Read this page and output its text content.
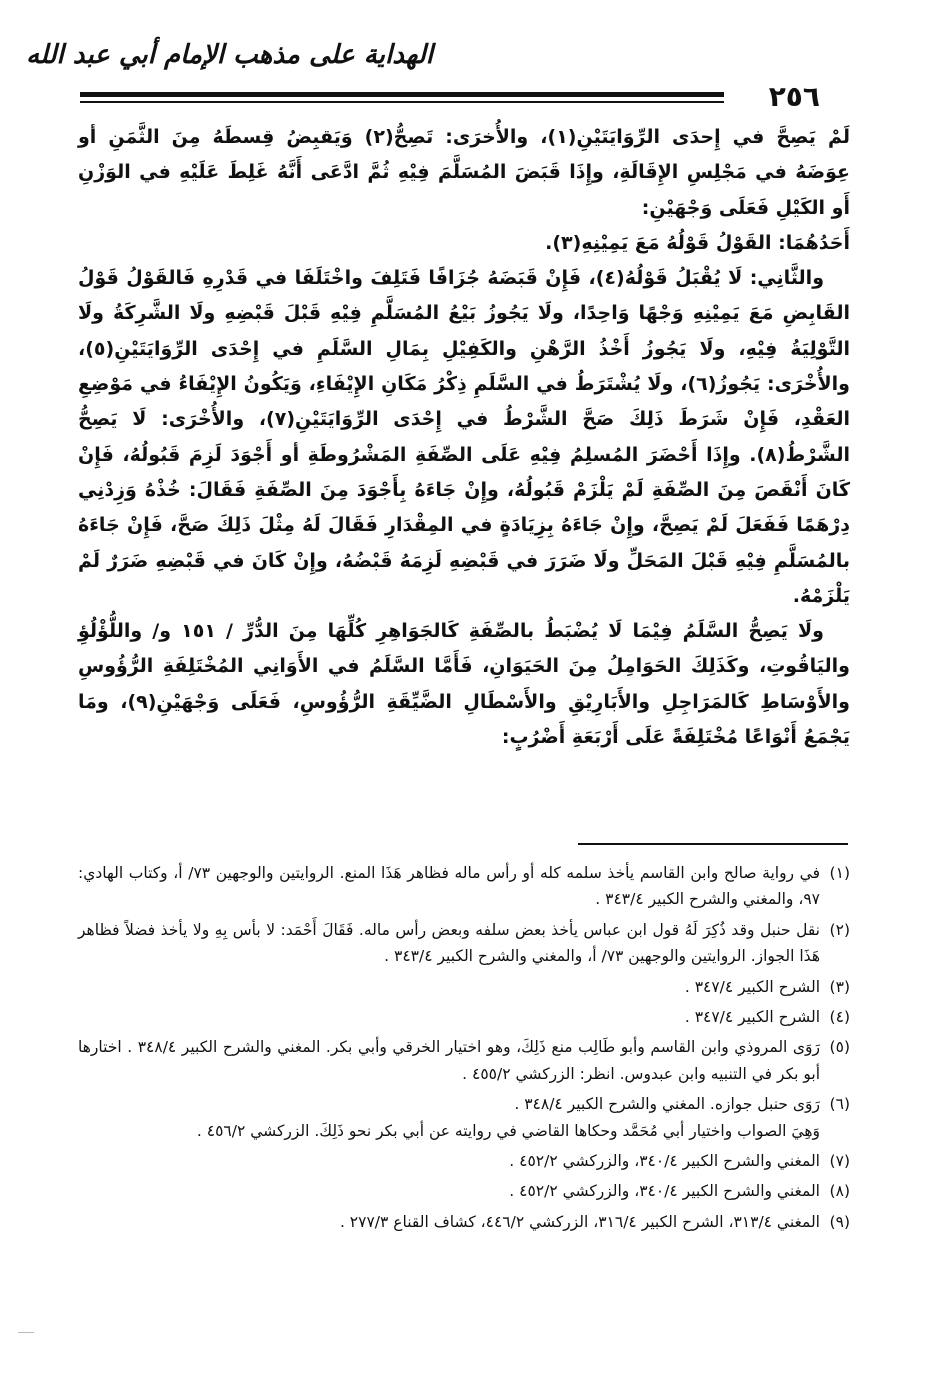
الهداية على مذهب الإمام أبي عبد الله
٢٥٦

لَمْ يَصِحَّ في إِحدَى الرِّوَايَتَيْنِ(١)، والأُخرَى: تَصِحُّ(٢) وَيَقبِضُ قِسطَهُ مِنَ الثَّمَنِ أو عِوَضَهُ في مَجْلِسِ الإِقَالَةِ، وإِذَا قَبَضَ المُسَلَّمَ فِيْهِ ثُمَّ ادَّعَى أَنَّهُ غَلِطَ عَلَيْهِ في الوَزْنِ أَو الكَيْلِ فَعَلَى وَجْهَيْنِ:

أَحَدُهُمَا: القَوْلُ قَوْلُهُ مَعَ يَمِيْنِهِ(٣).

والثَّانِي: لَا يُقْبَلُ قَوْلُهُ(٤)، فَإِنْ قَبَضَهُ جُزَافًا فَتَلِفَ واخْتَلَفَا في قَدْرِهِ فَالقَوْلُ قَوْلُ القَابِضِ مَعَ يَمِيْنِهِ وَجْهًا وَاحِدًا، ولَا يَجُوزُ بَيْعُ المُسَلَّمِ فِيْهِ قَبْلَ قَبْضِهِ ولَا الشَّرِكَةُ ولَا التَّوْلِيَةُ فِيْهِ، ولَا يَجُوزُ أَخْذُ الرَّهْنِ والكَفِيْلِ بِمَالِ السَّلَمِ في إِحْدَى الرِّوَايَتَيْنِ(٥)، والأُخْرَى: يَجُوزُ(٦)، ولَا يُشْتَرَطُ في السَّلَمِ ذِكْرُ مَكَانِ الإِيْفَاءِ، وَيَكُونُ الإِيْفَاءُ في مَوْضِعِ العَقْدِ، فَإِنْ شَرَطَ ذَلِكَ صَحَّ الشَّرْطُ في إِحْدَى الرِّوَايَتَيْنِ(٧)، والأُخْرَى: لَا يَصِحُّ الشَّرْطُ(٨). وإِذَا أَحْضَرَ المُسلِمُ فِيْهِ عَلَى الصِّفَةِ المَشْرُوطَةِ أو أَجْوَدَ لَزِمَ قَبُولُهُ، فَإِنْ كَانَ أَنْقَصَ مِنَ الصِّفَةِ لَمْ يَلْزَمْ قَبُولُهُ، وإِنْ جَاءَهُ بِأَجْوَدَ مِنَ الصِّفَةِ فَقَالَ: خُذْهُ وَزِدْنِي دِرْهَمًا فَفَعَلَ لَمْ يَصِحَّ، وإِنْ جَاءَهُ بِزِيَادَةٍ في المِقْدَارِ فَقَالَ لَهُ مِثْلَ ذَلِكَ صَحَّ، فَإِنْ جَاءَهُ بالمُسَلَّمِ فِيْهِ قَبْلَ المَحَلِّ ولَا ضَرَرَ في قَبْضِهِ لَزِمَهُ قَبْضُهُ، وإِنْ كَانَ في قَبْضِهِ ضَرَرٌ لَمْ يَلْزَمْهُ.

ولَا يَصِحُّ السَّلَمُ فِيْمَا لَا يُضْبَطُ بالصِّفَةِ كَالجَوَاهِرِ كُلِّهَا مِنَ الدُّرِّ / ١٥١ و/ واللُّؤْلُؤِ واليَاقُوتِ، وكَذَلِكَ الحَوَامِلُ مِنَ الحَيَوَانِ، فَأَمَّا السَّلَمُ في الأَوَانِي المُخْتَلِفَةِ الرُّؤُوسِ والأَوْسَاطِ كَالمَرَاجِلِ والأَبَارِيْقِ والأَسْطَالِ الضَّيِّقَةِ الرُّؤُوسِ، فَعَلَى وَجْهَيْنِ(٩)، ومَا يَجْمَعُ أَنْوَاعًا مُخْتَلِفَةً عَلَى أَرْبَعَةِ أَضْرُبٍ:

(١)
في رواية صالح وابن القاسم يأخذ سلمه كله أو رأس ماله فظاهر هَذَا المنع. الروايتين والوجهين ٧٣/ أ، وكتاب الهادي: ٩٧، والمغني والشرح الكبير ٣٤٣/٤ .
(٢)
نقل حنبل وقد ذُكِرَ لَهُ قول ابن عباس يأخذ بعض سلفه وبعض رأس ماله. فَقَالَ أَحْمَد: لا بأس بِهِ ولا يأخذ فضلاً فظاهر هَذَا الجواز. الروايتين والوجهين ٧٣/ أ، والمغني والشرح الكبير ٣٤٣/٤ .
(٣)
الشرح الكبير ٣٤٧/٤ .
(٤)
الشرح الكبير ٣٤٧/٤ .
(٥)
رَوَى المروذي وابن القاسم وأبو طَالِب منع ذَلِكَ، وهو اختيار الخرقي وأبي بكر. المغني والشرح الكبير ٣٤٨/٤ . اختارها أبو بكر في التنبيه وابن عبدوس. انظر: الزركشي ٤٥٥/٢ .
(٦)
رَوَى حنبل جوازه. المغني والشرح الكبير ٣٤٨/٤ .
وَهِيَ الصواب واختيار أبي مُحَمَّد وحكاها القاضي في روايته عن أبي بكر نحو ذَلِكَ. الزركشي ٤٥٦/٢ .
(٧)
المغني والشرح الكبير ٣٤٠/٤، والزركشي ٤٥٢/٢ .
(٨)
المغني والشرح الكبير ٣٤٠/٤، والزركشي ٤٥٢/٢ .
(٩)
المغني ٣١٣/٤، الشرح الكبير ٣١٦/٤، الزركشي ٤٤٦/٢، كشاف القناع ٢٧٧/٣ .
